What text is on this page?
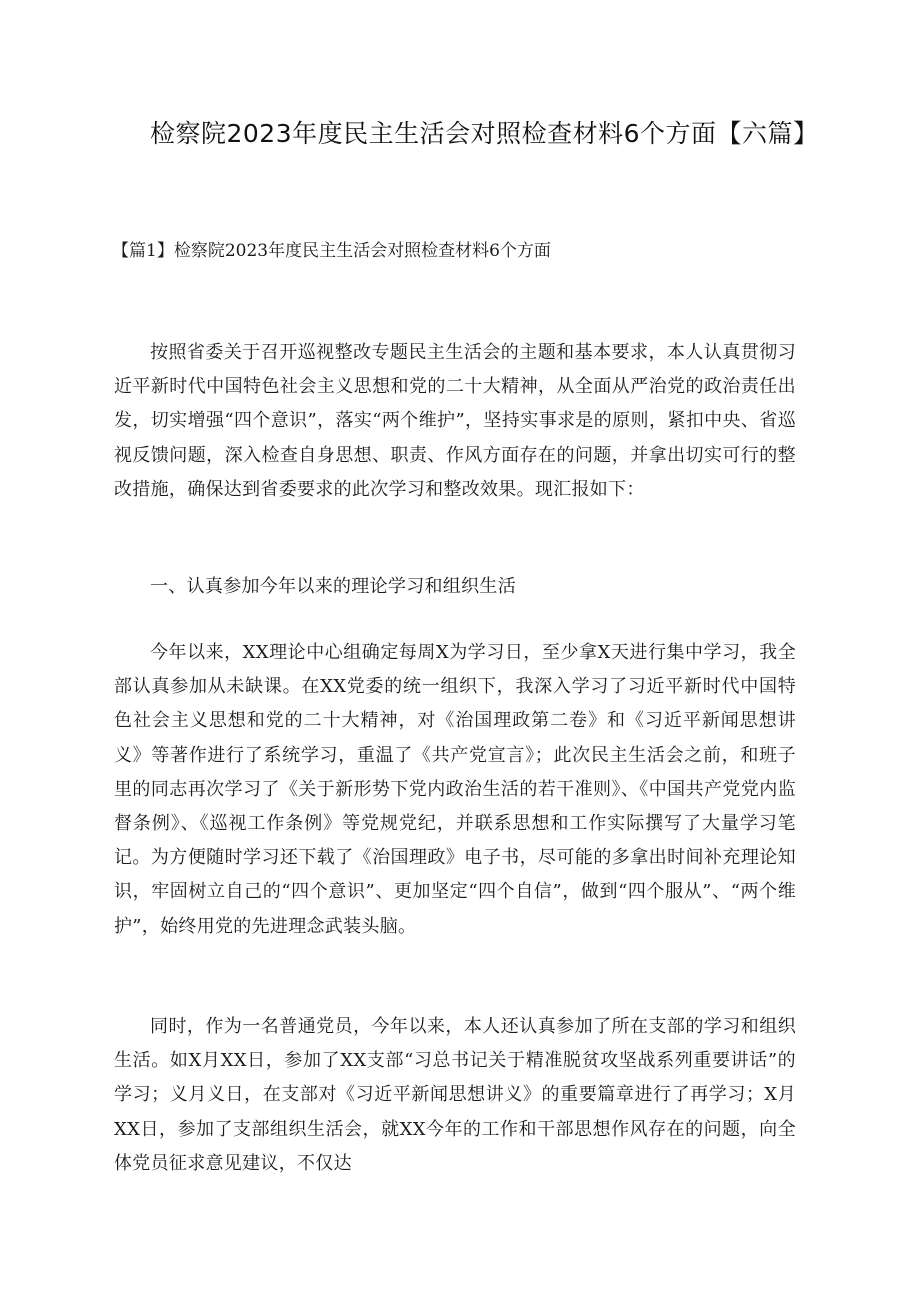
检察院2023年度民主生活会对照检查材料6个方面【六篇】

【篇1】检察院2023年度民主生活会对照检查材料6个方面

按照省委关于召开巡视整改专题民主生活会的主题和基本要求，本人认真贯彻习近平新时代中国特色社会主义思想和党的二十大精神，从全面从严治党的政治责任出发，切实增强“四个意识”，落实“两个维护”，坚持实事求是的原则，紧扣中央、省巡视反馈问题，深入检查自身思想、职责、作风方面存在的问题，并拿出切实可行的整改措施，确保达到省委要求的此次学习和整改效果。现汇报如下：

一、认真参加今年以来的理论学习和组织生活

今年以来，XX理论中心组确定每周X为学习日，至少拿X天进行集中学习，我全部认真参加从未缺课。在XX党委的统一组织下，我深入学习了习近平新时代中国特色社会主义思想和党的二十大精神，对《治国理政第二卷》和《习近平新闻思想讲义》等著作进行了系统学习，重温了《共产党宣言》；此次民主生活会之前，和班子里的同志再次学习了《关于新形势下党内政治生活的若干准则》、《中国共产党党内监督条例》、《巡视工作条例》等党规党纪，并联系思想和工作实际撰写了大量学习笔记。为方便随时学习还下载了《治国理政》电子书，尽可能的多拿出时间补充理论知识，牢固树立自己的“四个意识”、更加坚定“四个自信”，做到“四个服从”、“两个维护”，始终用党的先进理念武装头脑。

同时，作为一名普通党员，今年以来，本人还认真参加了所在支部的学习和组织生活。如X月XX日，参加了XX支部“习总书记关于精准脱贫攻坚战系列重要讲话”的学习；义月义日，在支部对《习近平新闻思想讲义》的重要篇章进行了再学习；X月XX日，参加了支部组织生活会，就XX今年的工作和干部思想作风存在的问题，向全体党员征求意见建议，不仅达
